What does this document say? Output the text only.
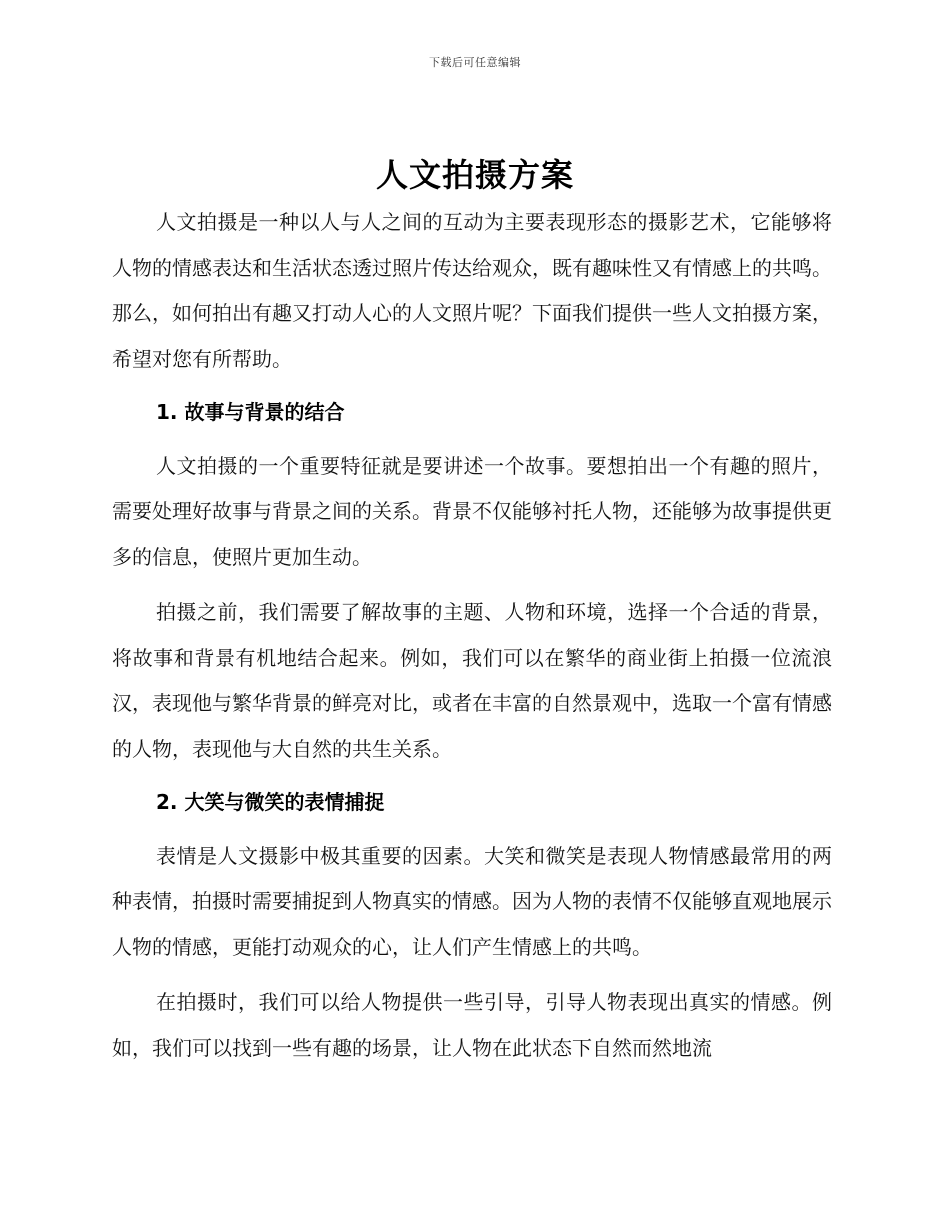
下载后可任意编辑
人文拍摄方案

人文拍摄是一种以人与人之间的互动为主要表现形态的摄影艺术，它能够将人物的情感表达和生活状态透过照片传达给观众，既有趣味性又有情感上的共鸣。那么，如何拍出有趣又打动人心的人文照片呢？下面我们提供一些人文拍摄方案，希望对您有所帮助。

1. 故事与背景的结合

人文拍摄的一个重要特征就是要讲述一个故事。要想拍出一个有趣的照片，需要处理好故事与背景之间的关系。背景不仅能够衬托人物，还能够为故事提供更多的信息，使照片更加生动。

拍摄之前，我们需要了解故事的主题、人物和环境，选择一个合适的背景，将故事和背景有机地结合起来。例如，我们可以在繁华的商业街上拍摄一位流浪汉，表现他与繁华背景的鲜亮对比，或者在丰富的自然景观中，选取一个富有情感的人物，表现他与大自然的共生关系。

2. 大笑与微笑的表情捕捉

表情是人文摄影中极其重要的因素。大笑和微笑是表现人物情感最常用的两种表情，拍摄时需要捕捉到人物真实的情感。因为人物的表情不仅能够直观地展示人物的情感，更能打动观众的心，让人们产生情感上的共鸣。

在拍摄时，我们可以给人物提供一些引导，引导人物表现出真实的情感。例如，我们可以找到一些有趣的场景，让人物在此状态下自然而然地流
